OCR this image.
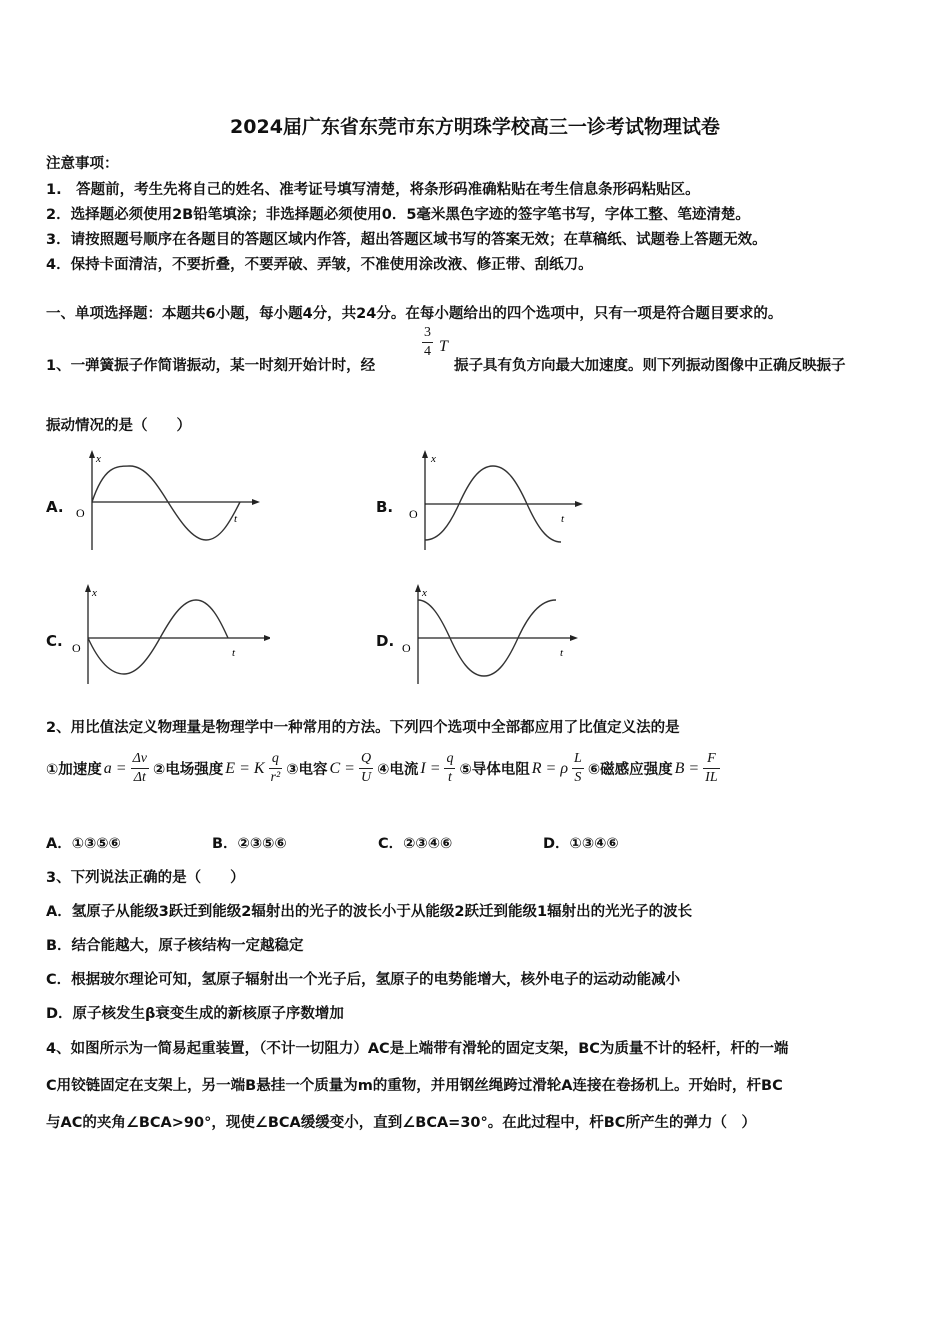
2024届广东省东莞市东方明珠学校高三一诊考试物理试卷
注意事项：
1.　答题前，考生先将自己的姓名、准考证号填写清楚，将条形码准确粘贴在考生信息条形码粘贴区。
2．选择题必须使用2B铅笔填涂；非选择题必须使用0．5毫米黑色字迹的签字笔书写，字体工整、笔迹清楚。
3．请按照题号顺序在各题目的答题区域内作答，超出答题区域书写的答案无效；在草稿纸、试题卷上答题无效。
4．保持卡面清洁，不要折叠，不要弄破、弄皱，不准使用涂改液、修正带、刮纸刀。
一、单项选择题：本题共6小题，每小题4分，共24分。在每小题给出的四个选项中，只有一项是符合题目要求的。
1、一弹簧振子作简谐振动，某一时刻开始计时，经
$\frac{3}{4}$ T
振子具有负方向最大加速度。则下列振动图像中正确反映振子
振动情况的是（　　）
A.
x
t
O	B.
x
t
O
C.
x
t
O	D.
x
t
O
2、用比值法定义物理量是物理学中一种常用的方法。下列四个选项中全部都应用了比值定义法的是
①加速度 $a = \frac{\Delta v}{\Delta t}$ ②电场强度 E = K $\frac{q}{\text{r²}}$ ③电容 $C = \frac{Q}{U}$ ④电流 $I = \frac{q}{t}$ ⑤导体电阻 R = ρ $\frac{L}{S}$ ⑥磁感应强度 $B = \frac{F}{IL}$
A．①③⑤⑥	B．②③⑤⑥	C．②③④⑥	D．①③④⑥
3、下列说法正确的是（　　）
A．氢原子从能级3跃迁到能级2辐射出的光子的波长小于从能级2跃迁到能级1辐射出的光光子的波长
B．结合能越大，原子核结构一定越稳定
C．根据玻尔理论可知，氢原子辐射出一个光子后，氢原子的电势能增大，核外电子的运动动能减小
D．原子核发生β衰变生成的新核原子序数增加
4、如图所示为一简易起重装置，（不计一切阻力）AC是上端带有滑轮的固定支架，BC为质量不计的轻杆，杆的一端
C用铰链固定在支架上，另一端B悬挂一个质量为m的重物，并用钢丝绳跨过滑轮A连接在卷扬机上。开始时，杆BC
与AC的夹角∠BCA>90°，现使∠BCA缓缓变小，直到∠BCA=30°。在此过程中，杆BC所产生的弹力（　）
